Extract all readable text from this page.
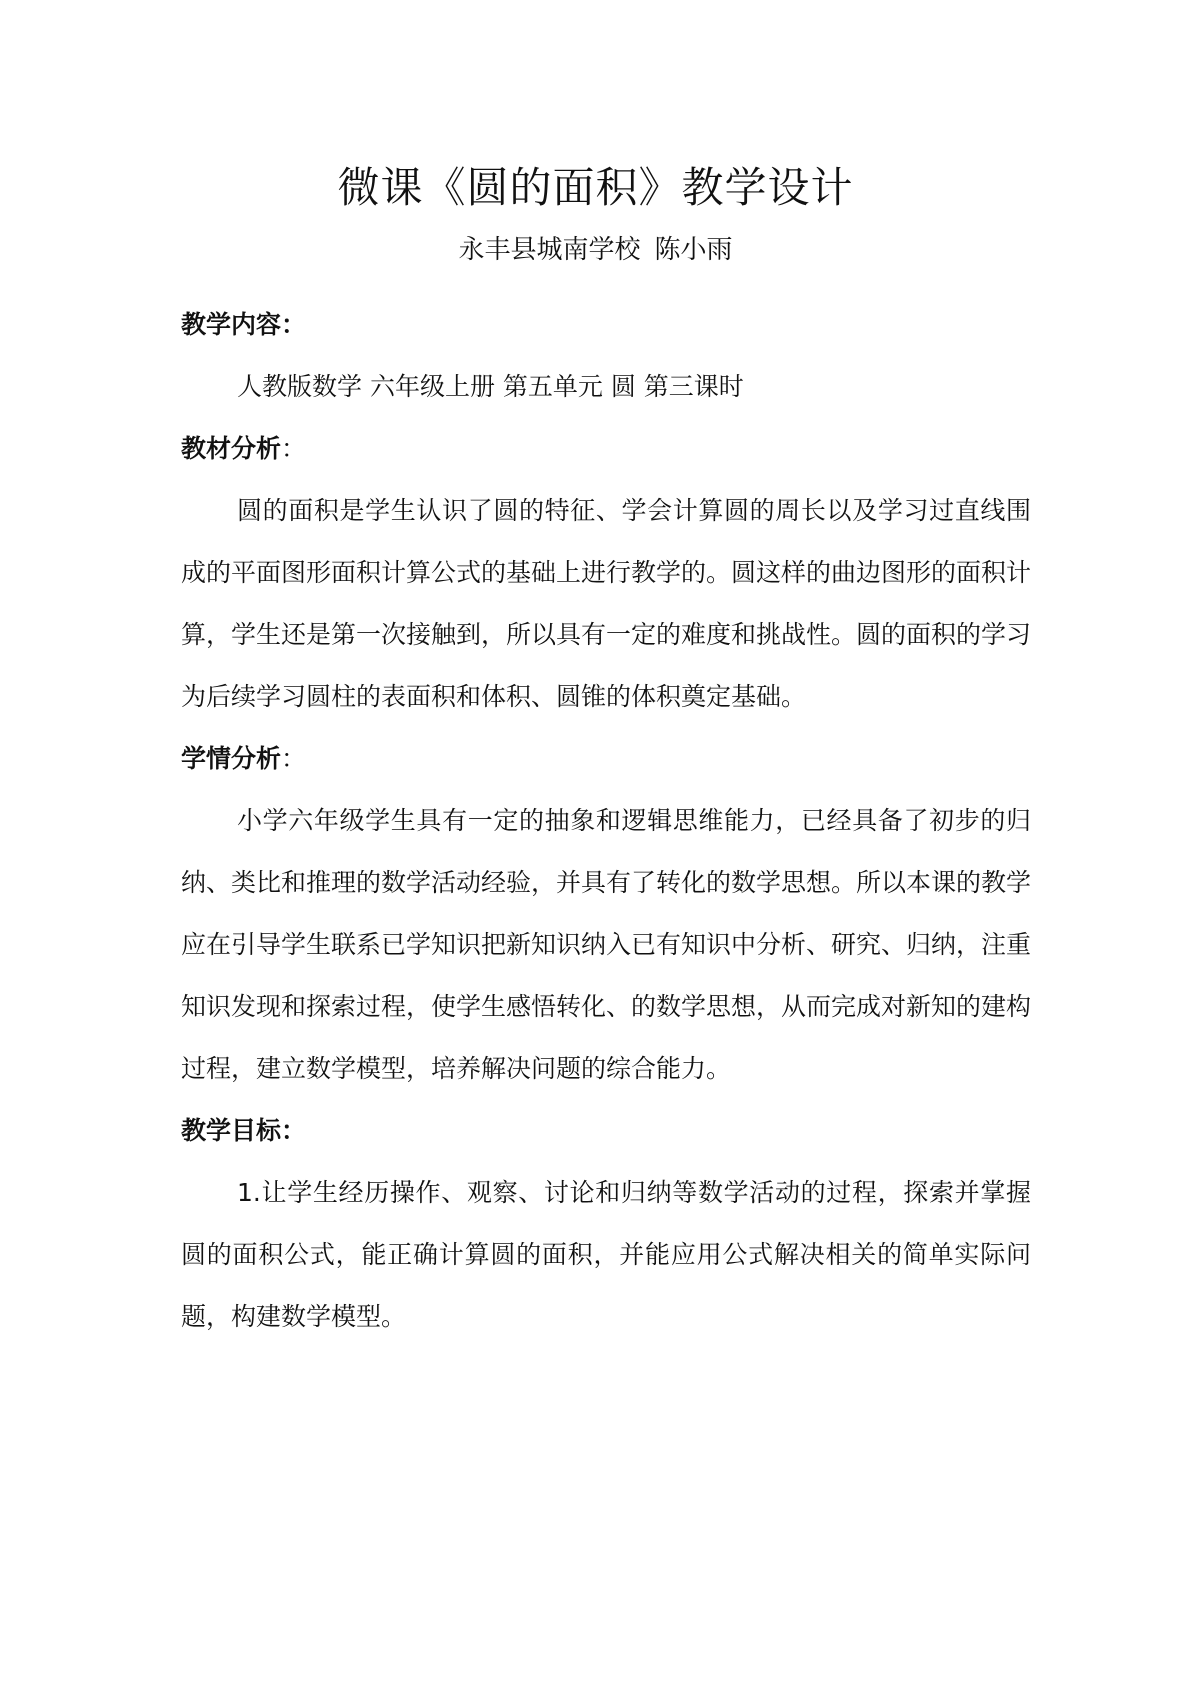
微课《圆的面积》教学设计
永丰县城南学校 陈小雨
教学内容：

人教版数学 六年级上册 第五单元 圆 第三课时

教材分析：

圆的面积是学生认识了圆的特征、学会计算圆的周长以及学习过直线围成的平面图形面积计算公式的基础上进行教学的。圆这样的曲边图形的面积计算，学生还是第一次接触到，所以具有一定的难度和挑战性。圆的面积的学习为后续学习圆柱的表面积和体积、圆锥的体积奠定基础。

学情分析：

小学六年级学生具有一定的抽象和逻辑思维能力，已经具备了初步的归纳、类比和推理的数学活动经验，并具有了转化的数学思想。所以本课的教学应在引导学生联系已学知识把新知识纳入已有知识中分析、研究、归纳，注重知识发现和探索过程，使学生感悟转化、的数学思想，从而完成对新知的建构过程，建立数学模型，培养解决问题的综合能力。

教学目标：

1.让学生经历操作、观察、讨论和归纳等数学活动的过程，探索并掌握圆的面积公式，能正确计算圆的面积，并能应用公式解决相关的简单实际问题，构建数学模型。
